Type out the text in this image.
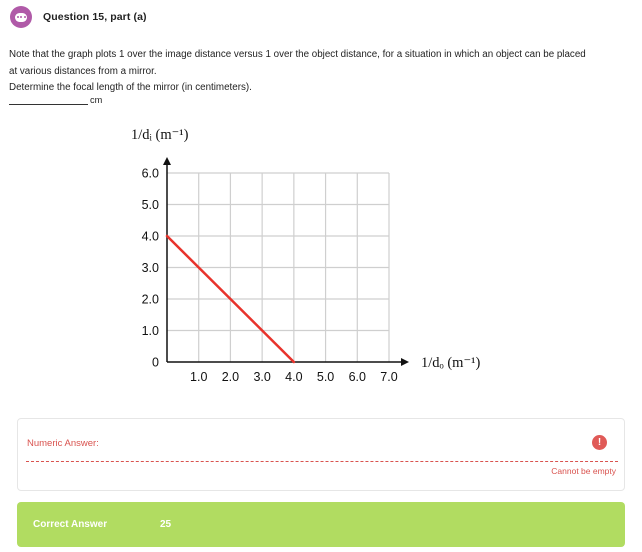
Question 15, part (a)
Note that the graph plots 1 over the image distance versus 1 over the object distance, for a situation in which an object can be placed
at various distances from a mirror.
Determine the focal length of the mirror (in centimeters).
cm
6.0
5.0
4.0
3.0
2.0
1.0
0
1.0 2.0 3.0 4.0 5.0 6.0 7.0
1/dᵢ (m⁻¹)
1/dₒ (m⁻¹)
Numeric Answer:	!
Cannot be empty
Correct Answer	25
